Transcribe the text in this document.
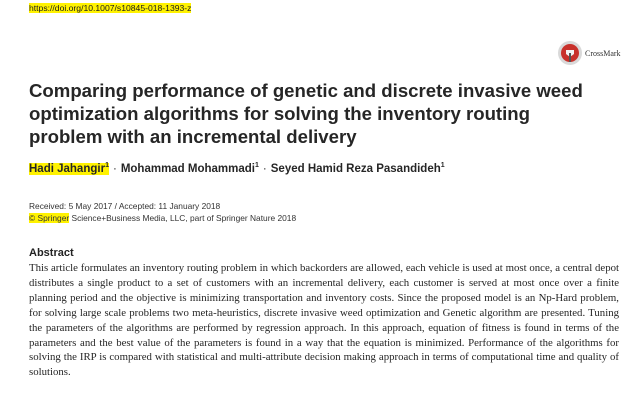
https://doi.org/10.1007/s10845-018-1393-z
CrossMark
Comparing performance of genetic and discrete invasive weed optimization algorithms for solving the inventory routing problem with an incremental delivery
Hadi Jahangir$^1$ · Mohammad Mohammadi$^1$ · Seyed Hamid Reza Pasandideh$^1$
Received: 5 May 2017 / Accepted: 11 January 2018
© Springer Science+Business Media, LLC, part of Springer Nature 2018
Abstract

This article formulates an inventory routing problem in which backorders are allowed, each vehicle is used at most once, a central depot distributes a single product to a set of customers with an incremental delivery, each customer is served at most once over a finite planning period and the objective is minimizing transportation and inventory costs. Since the proposed model is an Np-Hard problem, for solving large scale problems two meta-heuristics, discrete invasive weed optimization and Genetic algorithm are presented. Tuning the parameters of the algorithms are performed by regression approach. In this approach, equation of fitness is found in terms of the parameters and the best value of the parameters is found in a way that the equation is minimized. Performance of the algorithms for solving the IRP is compared with statistical and multi-attribute decision making approach in terms of computational time and quality of solutions.
